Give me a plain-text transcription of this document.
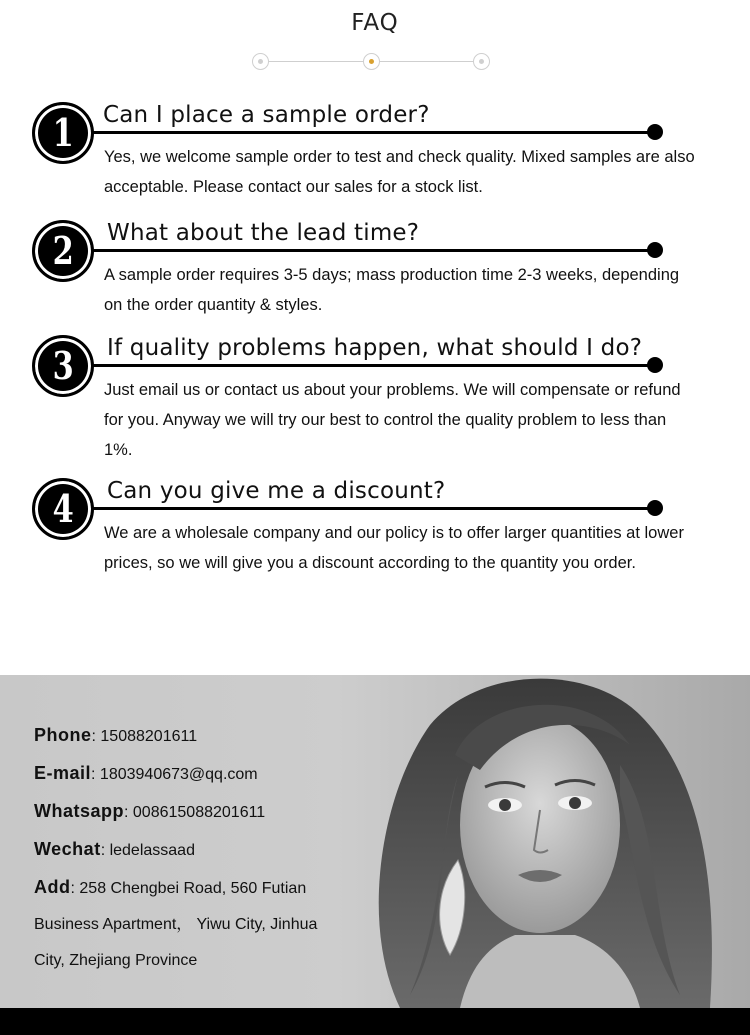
FAQ
1 Can I place a sample order?
Yes, we welcome sample order to test and check quality. Mixed samples are also acceptable. Please contact our sales for a stock list.
2 What about the lead time?
A sample order requires 3-5 days; mass production time 2-3 weeks, depending on the order quantity & styles.
3 If quality problems happen, what should I do?
Just email us or contact us about your problems. We will compensate or refund for you. Anyway we will try our best to control the quality problem to less than 1%.
4 Can you give me a discount?
We are a wholesale company and our policy is to offer larger quantities at lower prices, so we will give you a discount according to the quantity you order.
Phone: 15088201611
E-mail: 1803940673@qq.com
Whatsapp: 008615088201611
Wechat: ledelassaad
Add: 258 Chengbei Road, 560 Futian
Business Apartment， Yiwu City, Jinhua
City, Zhejiang Province
